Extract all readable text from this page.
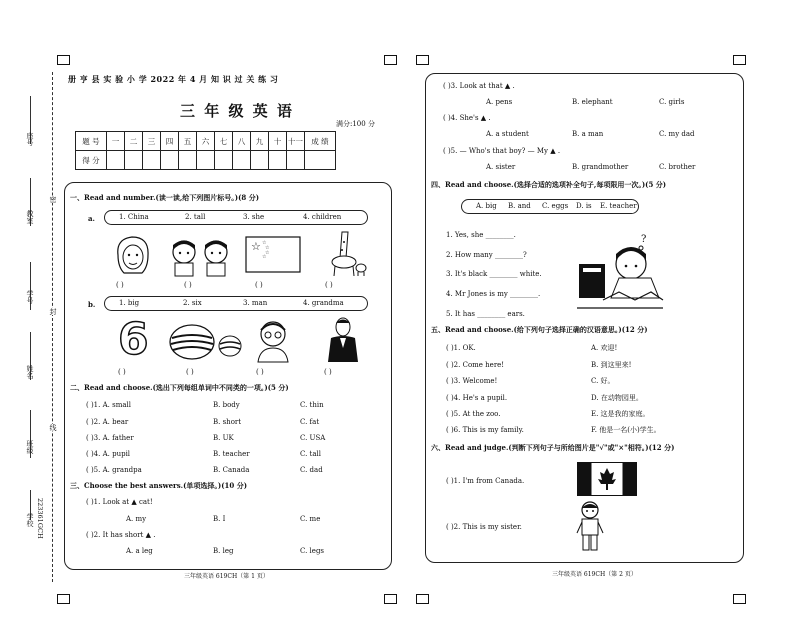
座号
教室
学号
姓名
班级
学校 223361GCH
密
封
线
册 亨 县 实 验 小 学 2022 年 4 月 知 识 过 关 练 习
三 年 级 英 语
满分:100 分
题 号	一	二	三	四	五	六	七	八	九	十	十一	成 绩
得 分												
一、Read and number.(读一读,给下列图片标号。)(8 分)
a.	1. China	2. tall	3. she	4. children
☆ ☆
☆
☆
☆
( )	( )	( )	( )
b.	1. big	2. six	3. man	4. grandma
6
( )	( )	( )	( )
二、Read and choose.(选出下列每组单词中不同类的一项。)(5 分)
( )1. A. small	B. body	C. thin
( )2. A. bear	B. short	C. fat
( )3. A. father	B. UK	C. USA
( )4. A. pupil	B. teacher	C. tall
( )5. A. grandpa	B. Canada	C. dad
三、Choose the best answers.(单项选择。)(10 分)
( )1. Look at ▲ cat!
A. my	B. I	C. me
( )2. It has short ▲ .
A. a leg	B. leg	C. legs
三年级英语 619CH（第 1 页）
( )3. Look at that ▲ .
A. pens	B. elephant	C. girls
( )4. She's ▲ .
A. a student	B. a man	C. my dad
( )5. — Who's that boy? — My ▲ .
A. sister	B. grandmother	C. brother
四、Read and choose.(选择合适的选项补全句子,每项限用一次。)(5 分)
A. big B. and C. eggs D. is E. teacher
1. Yes, she ________.
2. How many ________?
3. It's black ________ white.
4. Mr Jones is my ________.
5. It has ________ ears.
?
五、Read and choose.(给下列句子选择正确的汉语意思。)(12 分)
( )1. OK.	A. 欢迎!
( )2. Come here!	B. 到这里来!
( )3. Welcome!	C. 好。
( )4. He's a pupil.	D. 在动物园里。
( )5. At the zoo.	E. 这是我的家庭。
( )6. This is my family.	F. 他是一名(小)学生。
六、Read and judge.(判断下列句子与所给图片是"√"或"×"相符。)(12 分)
( )1. I'm from Canada.
( )2. This is my sister.
三年级英语 619CH（第 2 页）
